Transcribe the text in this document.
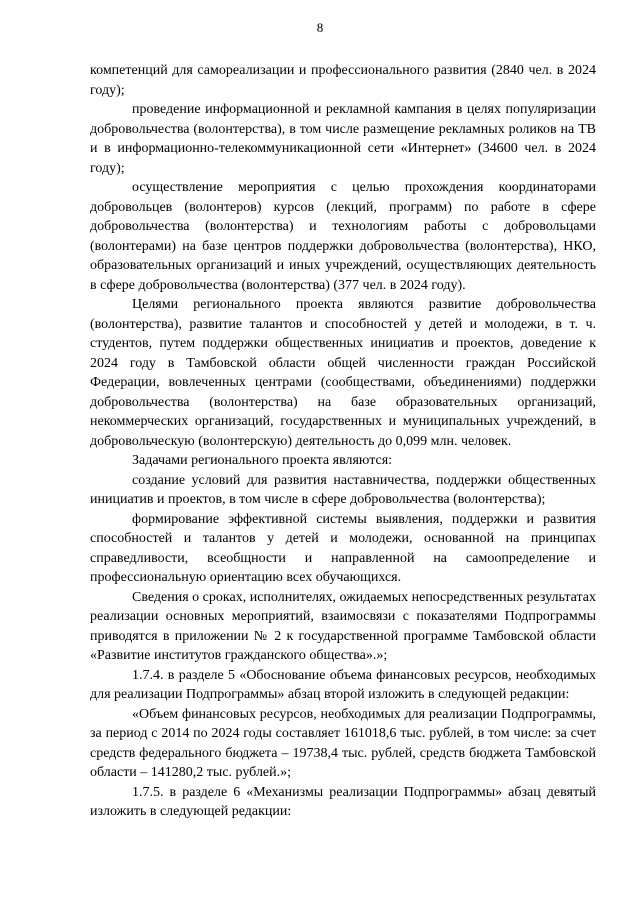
8

компетенций для самореализации и профессионального развития (2840 чел. в 2024 году);

проведение информационной и рекламной кампания в целях популяризации добровольчества (волонтерства), в том числе размещение рекламных роликов на ТВ и в информационно-телекоммуникационной сети «Интернет» (34600 чел. в 2024 году);

осуществление мероприятия с целью прохождения координаторами добровольцев (волонтеров) курсов (лекций, программ) по работе в сфере добровольчества (волонтерства) и технологиям работы с добровольцами (волонтерами) на базе центров поддержки добровольчества (волонтерства), НКО, образовательных организаций и иных учреждений, осуществляющих деятельность в сфере добровольчества (волонтерства) (377 чел. в 2024 году).

Целями регионального проекта являются развитие добровольчества (волонтерства), развитие талантов и способностей у детей и молодежи, в т. ч. студентов, путем поддержки общественных инициатив и проектов, доведение к 2024 году в Тамбовской области общей численности граждан Российской Федерации, вовлеченных центрами (сообществами, объединениями) поддержки добровольчества (волонтерства) на базе образовательных организаций, некоммерческих организаций, государственных и муниципальных учреждений, в добровольческую (волонтерскую) деятельность до 0,099 млн. человек.

Задачами регионального проекта являются:

создание условий для развития наставничества, поддержки общественных инициатив и проектов, в том числе в сфере добровольчества (волонтерства);

формирование эффективной системы выявления, поддержки и развития способностей и талантов у детей и молодежи, основанной на принципах справедливости, всеобщности и направленной на самоопределение и профессиональную ориентацию всех обучающихся.

Сведения о сроках, исполнителях, ожидаемых непосредственных результатах реализации основных мероприятий, взаимосвязи с показателями Подпрограммы приводятся в приложении № 2 к государственной программе Тамбовской области «Развитие институтов гражданского общества».»;

1.7.4. в разделе 5 «Обоснование объема финансовых ресурсов, необходимых для реализации Подпрограммы» абзац второй изложить в следующей редакции:

«Объем финансовых ресурсов, необходимых для реализации Подпрограммы, за период с 2014 по 2024 годы составляет 161018,6 тыс. рублей, в том числе: за счет средств федерального бюджета – 19738,4 тыс. рублей, средств бюджета Тамбовской области – 141280,2 тыс. рублей.»;

1.7.5. в разделе 6 «Механизмы реализации Подпрограммы» абзац девятый изложить в следующей редакции:
